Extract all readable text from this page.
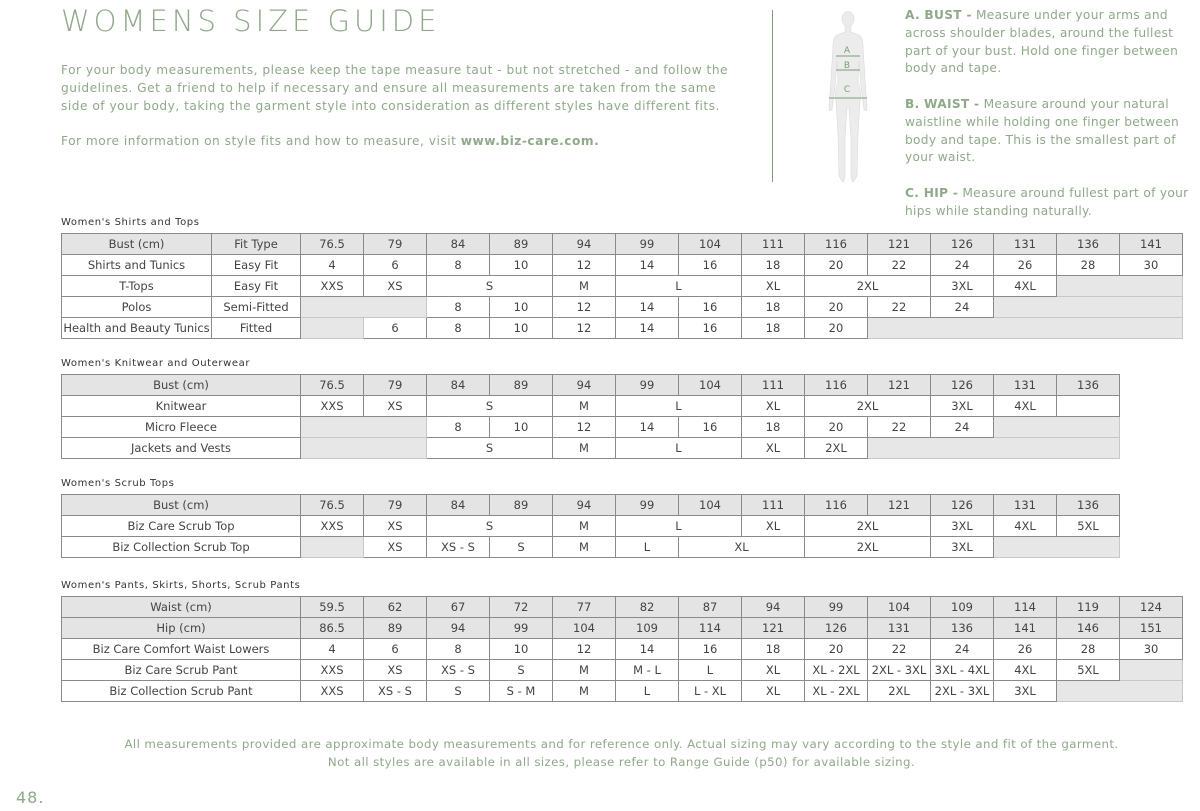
WOMENS SIZE GUIDE

For your body measurements, please keep the tape measure taut - but not stretched - and follow the guidelines. Get a friend to help if necessary and ensure all measurements are taken from the same side of your body, taking the garment style into consideration as different styles have different fits.

For more information on style fits and how to measure, visit www.biz-care.com.

A
B
C

A. BUST - Measure under your arms and across shoulder blades, around the fullest part of your bust. Hold one finger between body and tape.

B. WAIST - Measure around your natural waistline while holding one finger between body and tape. This is the smallest part of your waist.

C. HIP - Measure around fullest part of your hips while standing naturally.

Women's Shirts and Tops
Bust (cm)	Fit Type	76.5	79	84	89	94	99	104	111	116	121	126	131	136	141
Shirts and Tunics	Easy Fit	4	6	8	10	12	14	16	18	20	22	24	26	28	30
T-Tops	Easy Fit	XXS	XS	S		M	L		XL	2XL		3XL	4XL		
Polos	Semi-Fitted			8	10	12	14	16	18	20	22	24			
Health and Beauty Tunics	Fitted		6	8	10	12	14	16	18	20					
Women's Knitwear and Outerwear
Bust (cm)	76.5	79	84	89	94	99	104	111	116	121	126	131	136	
Knitwear	XXS	XS	S		M	L		XL	2XL		3XL	4XL		
Micro Fleece			8	10	12	14	16	18	20	22	24			
Jackets and Vests			S		M	L		XL	2XL					
Women's Scrub Tops
Bust (cm)	76.5	79	84	89	94	99	104	111	116	121	126	131	136	
Biz Care Scrub Top	XXS	XS	S		M	L		XL	2XL		3XL	4XL	5XL	
Biz Collection Scrub Top		XS	XS - S	S	M	L	XL		2XL		3XL			
Women's Pants, Skirts, Shorts, Scrub Pants
Waist (cm)	59.5	62	67	72	77	82	87	94	99	104	109	114	119	124
Hip (cm)	86.5	89	94	99	104	109	114	121	126	131	136	141	146	151
Biz Care Comfort Waist Lowers	4	6	8	10	12	14	16	18	20	22	24	26	28	30
Biz Care Scrub Pant	XXS	XS	XS - S	S	M	M - L	L	XL	XL - 2XL	2XL - 3XL	3XL - 4XL	4XL	5XL	
Biz Collection Scrub Pant	XXS	XS - S	S	S - M	M	L	L - XL	XL	XL - 2XL	2XL	2XL - 3XL	3XL		

All measurements provided are approximate body measurements and for reference only. Actual sizing may vary according to the style and fit of the garment.

Not all styles are available in all sizes, please refer to Range Guide (p50) for available sizing.

48.
